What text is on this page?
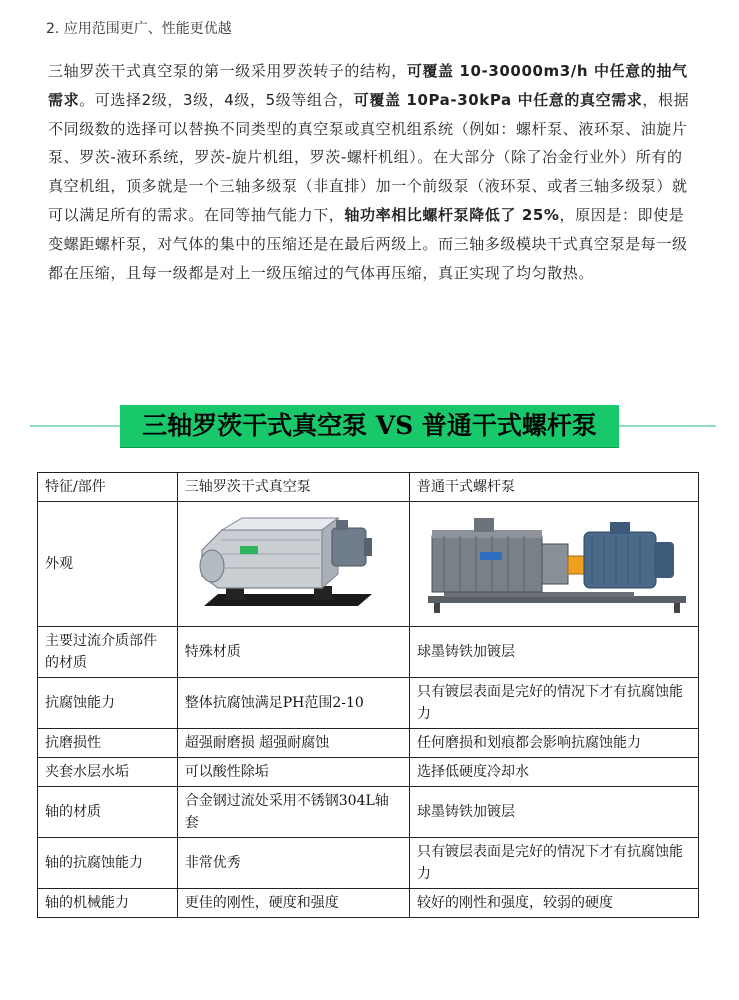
2. 应用范围更广、性能更优越
三轴罗茨干式真空泵的第一级采用罗茨转子的结构，可覆盖 10-30000m3/h 中任意的抽气需求。可选择2级，3级，4级，5级等组合，可覆盖 10Pa-30kPa 中任意的真空需求，根据不同级数的选择可以替换不同类型的真空泵或真空机组系统（例如：螺杆泵、液环泵、油旋片泵、罗茨-液环系统，罗茨-旋片机组，罗茨-螺杆机组）。在大部分（除了冶金行业外）所有的真空机组，顶多就是一个三轴多级泵（非直排）加一个前级泵（液环泵、或者三轴多级泵）就可以满足所有的需求。在同等抽气能力下，轴功率相比螺杆泵降低了 25%，原因是：即使是变螺距螺杆泵，对气体的集中的压缩还是在最后两级上。而三轴多级模块干式真空泵是每一级都在压缩，且每一级都是对上一级压缩过的气体再压缩，真正实现了均匀散热。
三轴罗茨干式真空泵 VS 普通干式螺杆泵
特征/部件	三轴罗茨干式真空泵	普通干式螺杆泵
外观	

主要过流介质部件的材质	特殊材质	球墨铸铁加镀层
抗腐蚀能力	整体抗腐蚀满足PH范围2-10	只有镀层表面是完好的情况下才有抗腐蚀能力
抗磨损性	超强耐磨损 超强耐腐蚀	任何磨损和划痕都会影响抗腐蚀能力
夹套水层水垢	可以酸性除垢	选择低硬度冷却水
轴的材质	合金钢过流处采用不锈钢304L轴套	球墨铸铁加镀层
轴的抗腐蚀能力	非常优秀	只有镀层表面是完好的情况下才有抗腐蚀能力
轴的机械能力	更佳的刚性，硬度和强度	较好的刚性和强度，较弱的硬度
